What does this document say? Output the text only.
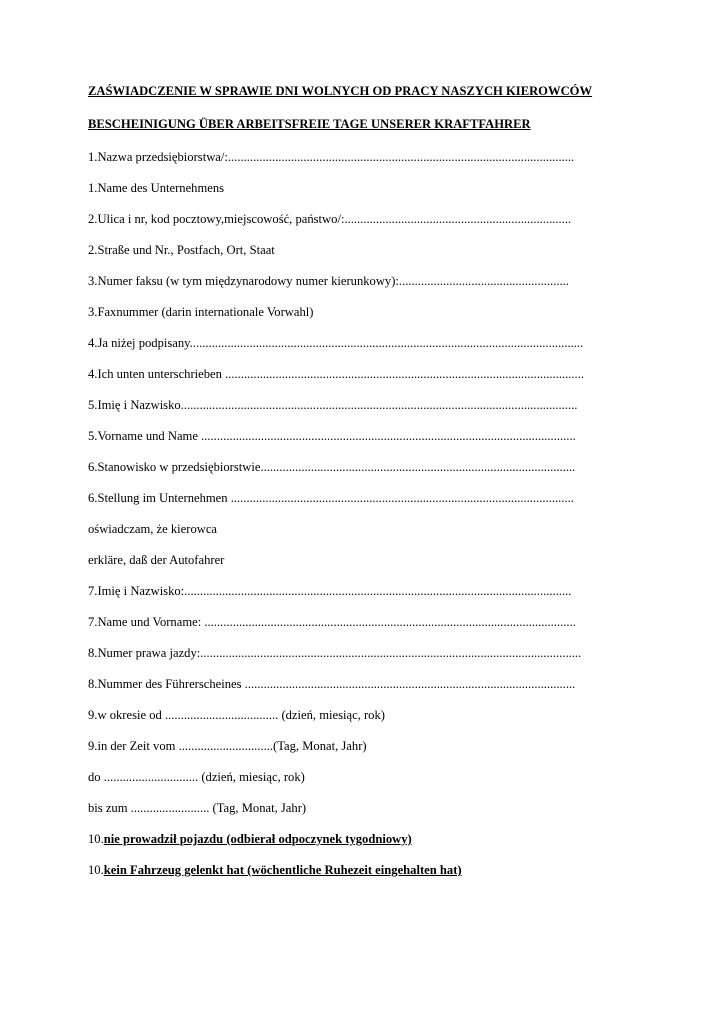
ZAŚWIADCZENIE W SPRAWIE DNI WOLNYCH OD PRACY NASZYCH KIEROWCÓW
BESCHEINIGUNG ÜBER ARBEITSFREIE TAGE UNSERER KRAFTFAHRER
1.Nazwa przedsiębiorstwa/:..............................................................................................................
1.Name des Unternehmens
2.Ulica i nr, kod pocztowy,miejscowość, państwo/:........................................................................
2.Straße und Nr., Postfach, Ort, Staat
3.Numer faksu (w tym międzynarodowy numer kierunkowy):......................................................
3.Faxnummer (darin internationale Vorwahl)
4.Ja niżej podpisany.............................................................................................................................
4.Ich unten unterschrieben ..................................................................................................................
5.Imię i Nazwisko..............................................................................................................................
5.Vorname und Name .......................................................................................................................
6.Stanowisko w przedsiębiorstwie....................................................................................................
6.Stellung im Unternehmen .............................................................................................................
oświadczam, że kierowca
erkläre, daß der Autofahrer
7.Imię i Nazwisko:...........................................................................................................................
7.Name und Vorname: ......................................................................................................................
8.Numer prawa jazdy:.........................................................................................................................
8.Nummer des Führerscheines .........................................................................................................
9.w okresie od .................................... (dzień, miesiąc, rok)
9.in der Zeit vom ..............................(Tag, Monat, Jahr)
do .............................. (dzień, miesiąc, rok)
bis zum ......................... (Tag, Monat, Jahr)
10.nie prowadził pojazdu (odbierał odpoczynek tygodniowy)
10.kein Fahrzeug gelenkt hat (wöchentliche Ruhezeit eingehalten hat)
